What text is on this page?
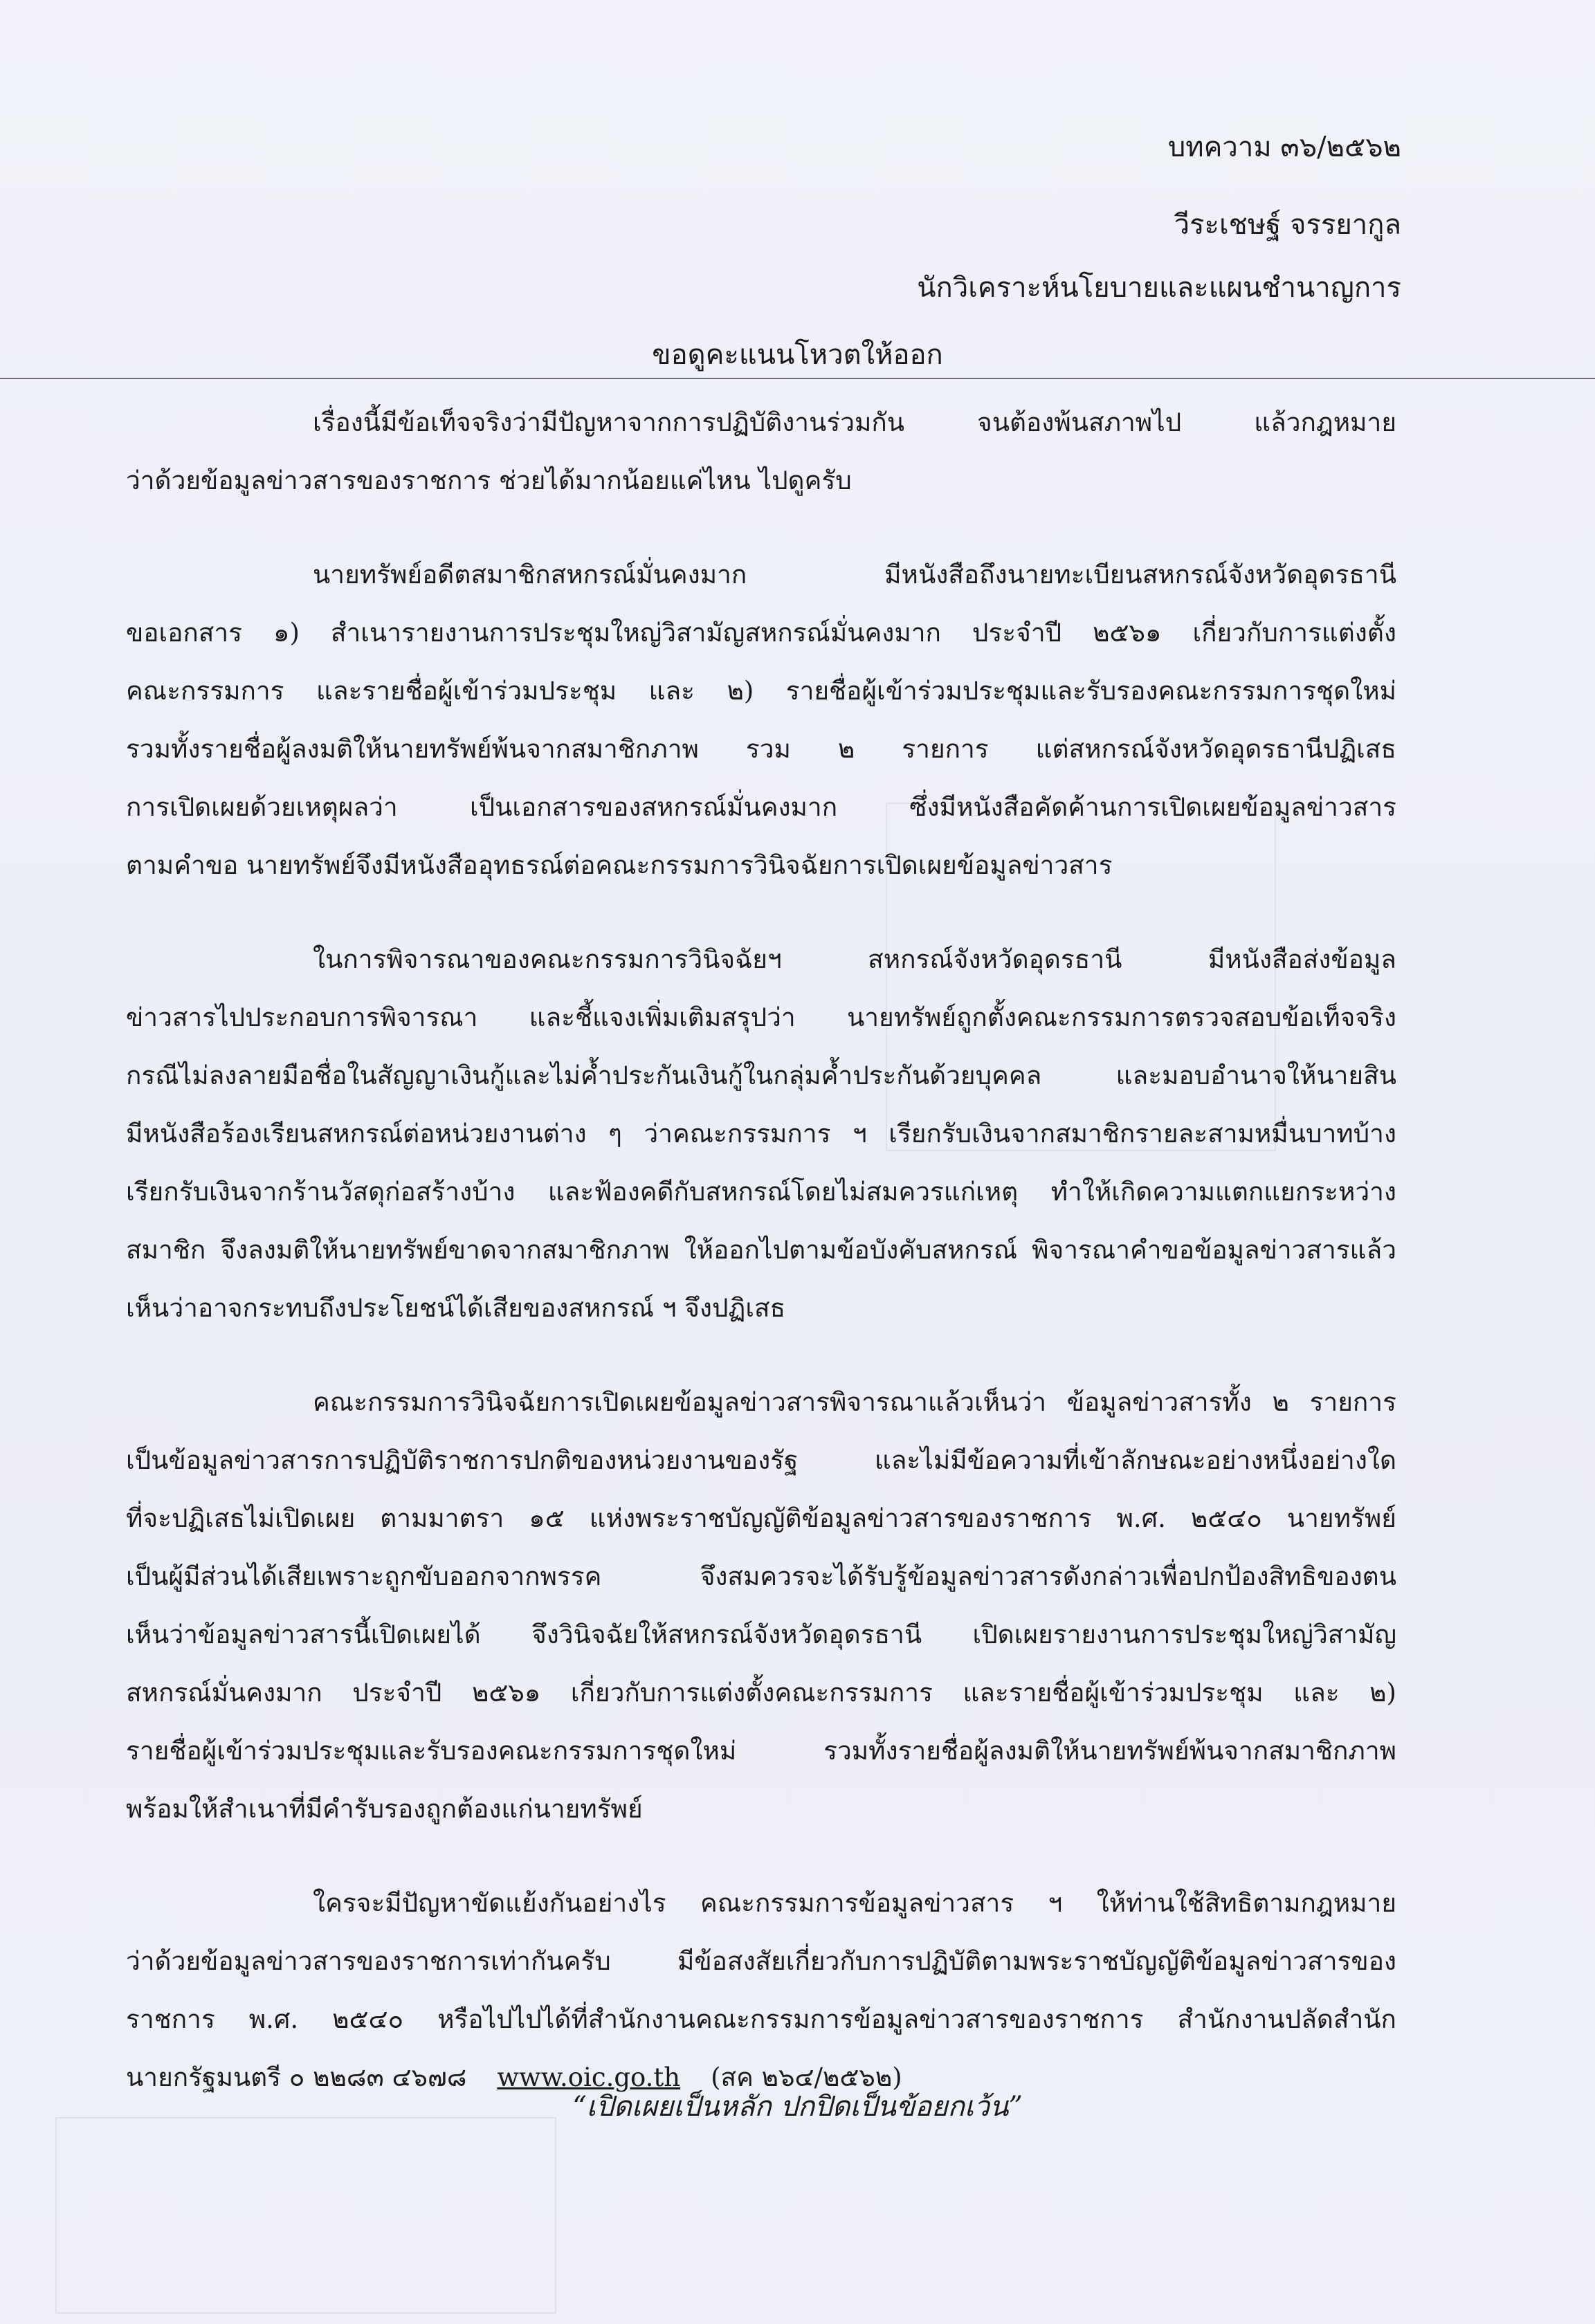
บทความ ๓๖/๒๕๖๒
วีระเชษฐ์ จรรยากูล
นักวิเคราะห์นโยบายและแผนชำนาญการ
ขอดูคะแนนโหวตให้ออก
เรื่องนี้มีข้อเท็จจริงว่ามีปัญหาจากการปฏิบัติงานร่วมกัน	จนต้องพ้นสภาพไป	แล้วกฎหมาย
ว่าด้วยข้อมูลข่าวสารของราชการ ช่วยได้มากน้อยแค่ไหน ไปดูครับ
นายทรัพย์อดีตสมาชิกสหกรณ์มั่นคงมาก	มีหนังสือถึงนายทะเบียนสหกรณ์จังหวัดอุดรธานี
ขอเอกสาร ๑) สำเนารายงานการประชุมใหญ่วิสามัญสหกรณ์มั่นคงมาก ประจำปี ๒๕๖๑ เกี่ยวกับการแต่งตั้ง
คณะกรรมการ และรายชื่อผู้เข้าร่วมประชุม และ ๒) รายชื่อผู้เข้าร่วมประชุมและรับรองคณะกรรมการชุดใหม่
รวมทั้งรายชื่อผู้ลงมติให้นายทรัพย์พ้นจากสมาชิกภาพ รวม ๒ รายการ แต่สหกรณ์จังหวัดอุดรธานีปฏิเสธ
การเปิดเผยด้วยเหตุผลว่า	เป็นเอกสารของสหกรณ์มั่นคงมาก	ซึ่งมีหนังสือคัดค้านการเปิดเผยข้อมูลข่าวสาร
ตามคำขอ นายทรัพย์จึงมีหนังสืออุทธรณ์ต่อคณะกรรมการวินิจฉัยการเปิดเผยข้อมูลข่าวสาร
ในการพิจารณาของคณะกรรมการวินิจฉัยฯ	สหกรณ์จังหวัดอุดรธานี	มีหนังสือส่งข้อมูล
ข่าวสารไปประกอบการพิจารณา และชี้แจงเพิ่มเติมสรุปว่า นายทรัพย์ถูกตั้งคณะกรรมการตรวจสอบข้อเท็จจริง
กรณีไม่ลงลายมือชื่อในสัญญาเงินกู้และไม่ค้ำประกันเงินกู้ในกลุ่มค้ำประกันด้วยบุคคล	และมอบอำนาจให้นายสิน
มีหนังสือร้องเรียนสหกรณ์ต่อหน่วยงานต่าง ๆ ว่าคณะกรรมการ ฯ เรียกรับเงินจากสมาชิกรายละสามหมื่นบาทบ้าง
เรียกรับเงินจากร้านวัสดุก่อสร้างบ้าง และฟ้องคดีกับสหกรณ์โดยไม่สมควรแก่เหตุ ทำให้เกิดความแตกแยกระหว่าง
สมาชิก จึงลงมติให้นายทรัพย์ขาดจากสมาชิกภาพ ให้ออกไปตามข้อบังคับสหกรณ์ พิจารณาคำขอข้อมูลข่าวสารแล้ว
เห็นว่าอาจกระทบถึงประโยชน์ได้เสียของสหกรณ์ ฯ จึงปฏิเสธ
คณะกรรมการวินิจฉัยการเปิดเผยข้อมูลข่าวสารพิจารณาแล้วเห็นว่า ข้อมูลข่าวสารทั้ง ๒ รายการ
เป็นข้อมูลข่าวสารการปฏิบัติราชการปกติของหน่วยงานของรัฐ	และไม่มีข้อความที่เข้าลักษณะอย่างหนึ่งอย่างใด
ที่จะปฏิเสธไม่เปิดเผย ตามมาตรา ๑๕ แห่งพระราชบัญญัติข้อมูลข่าวสารของราชการ พ.ศ. ๒๕๔๐ นายทรัพย์
เป็นผู้มีส่วนได้เสียเพราะถูกขับออกจากพรรค	จึงสมควรจะได้รับรู้ข้อมูลข่าวสารดังกล่าวเพื่อปกป้องสิทธิของตน
เห็นว่าข้อมูลข่าวสารนี้เปิดเผยได้ จึงวินิจฉัยให้สหกรณ์จังหวัดอุดรธานี เปิดเผยรายงานการประชุมใหญ่วิสามัญ
สหกรณ์มั่นคงมาก ประจำปี ๒๕๖๑ เกี่ยวกับการแต่งตั้งคณะกรรมการ และรายชื่อผู้เข้าร่วมประชุม และ ๒)
รายชื่อผู้เข้าร่วมประชุมและรับรองคณะกรรมการชุดใหม่	รวมทั้งรายชื่อผู้ลงมติให้นายทรัพย์พ้นจากสมาชิกภาพ
พร้อมให้สำเนาที่มีคำรับรองถูกต้องแก่นายทรัพย์
ใครจะมีปัญหาขัดแย้งกันอย่างไร คณะกรรมการข้อมูลข่าวสาร ฯ ให้ท่านใช้สิทธิตามกฎหมาย
ว่าด้วยข้อมูลข่าวสารของราชการเท่ากันครับ	มีข้อสงสัยเกี่ยวกับการปฏิบัติตามพระราชบัญญัติข้อมูลข่าวสารของ
ราชการ พ.ศ. ๒๕๔๐ หรือไปไปได้ที่สำนักงานคณะกรรมการข้อมูลข่าวสารของราชการ สำนักงานปลัดสำนัก
นายกรัฐมนตรี ๐ ๒๒๘๓ ๔๖๗๘ www.oic.go.th (สค ๒๖๔/๒๕๖๒)
“เปิดเผยเป็นหลัก ปกปิดเป็นข้อยกเว้น”
